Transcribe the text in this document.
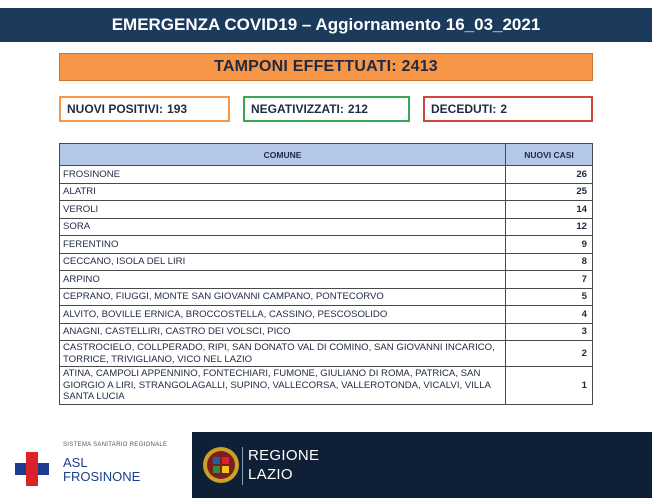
EMERGENZA COVID19 – Aggiornamento 16_03_2021
TAMPONI EFFETTUATI:
2413
NUOVI POSITIVI: 193	NEGATIVIZZATI: 212	DECEDUTI: 2
COMUNE	NUOVI CASI
FROSINONE	26
ALATRI	25
VEROLI	14
SORA	12
FERENTINO	9
CECCANO, ISOLA DEL LIRI	8
ARPINO	7
CEPRANO, FIUGGI, MONTE SAN GIOVANNI CAMPANO, PONTECORVO	5
ALVITO, BOVILLE ERNICA, BROCCOSTELLA, CASSINO, PESCOSOLIDO	4
ANAGNI, CASTELLIRI, CASTRO DEI VOLSCI, PICO	3
CASTROCIELO, COLLPERADO, RIPI, SAN DONATO VAL DI COMINO, SAN GIOVANNI INCARICO, TORRICE, TRIVIGLIANO, VICO NEL LAZIO	2
ATINA, CAMPOLI APPENNINO, FONTECHIARI, FUMONE, GIULIANO DI ROMA, PATRICA, SAN GIORGIO A LIRI, STRANGOLAGALLI, SUPINO, VALLECORSA, VALLEROTONDA, VICALVI, VILLA SANTA LUCIA	1
SISTEMA SANITARIO REGIONALE
ASL
FROSINONE
REGIONE
LAZIO
